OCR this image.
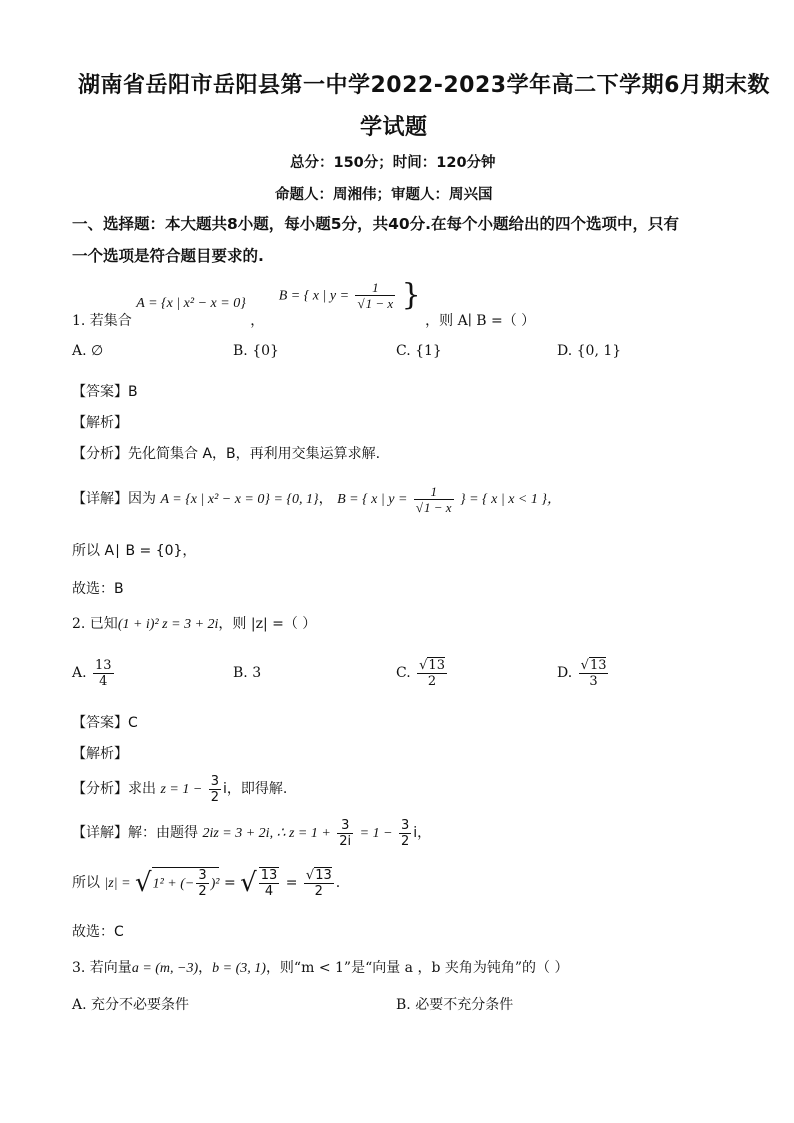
湖南省岳阳市岳阳县第一中学2022-2023学年高二下学期6月期末数
学试题
总分：150分；时间：120分钟
命题人：周湘伟；审题人：周兴国
一、选择题：本大题共8小题，每小题5分，共40分.在每个小题给出的四个选项中，只有
一个选项是符合题目要求的.
1. 若集合 A = {x | x² − x = 0} ， B = { x | $y = \frac{1}{√1 - x}$ } ，则 A∣ B =（ ）
A. ∅	B. {0}	C. {1}	D. {0, 1}
【答案】B
【解析】
【分析】先化简集合 A，B，再利用交集运算求解.
【详解】因为 A = {x | x² − x = 0} = {0, 1}， B = { x | $y = \frac{1}{√1 - x}$ } = { x | x < 1 }，
所以 A∣ B = {0}，
故选：B
2. 已知(1 + i)² z = 3 + 2i，则 |z| =（ ）
A. $\frac{13}{4}$	B. 3	C. $\frac{√13}{2}$	D. $\frac{√13}{3}$
【答案】C
【解析】
【分析】求出 $z = 1 - \frac{3}{2}$ i，即得解.
【详解】解：由题得 2iz = 3 + 2i, ∴ $z = 1 + \frac{3}{2i} = 1 - \frac{3}{2}$ i，
所以 |z| = √1² + (− $\frac{3}{2} )^2$ = √ $\frac{13}{4} = \frac{√13}{2}$ .
故选：C
3. 若向量a = (m, −3)，b = (3, 1)，则“m < 1”是“向量 a ，b 夹角为钝角”的（ ）
A. 充分不必要条件	B. 必要不充分条件
